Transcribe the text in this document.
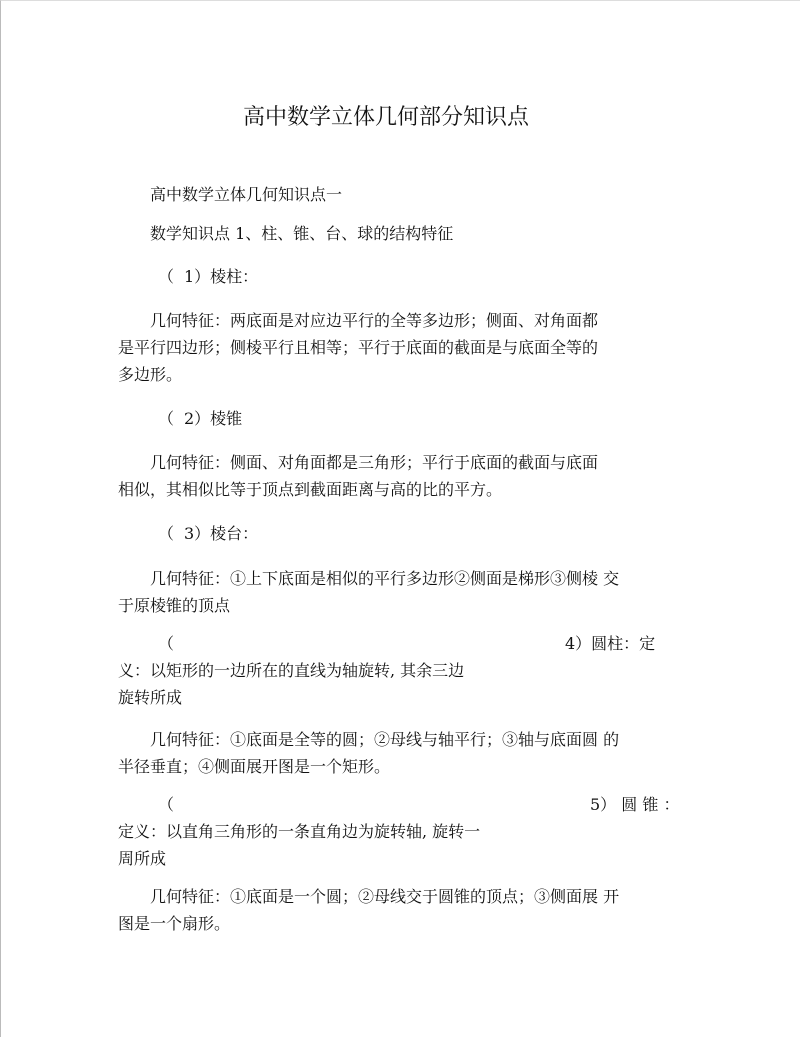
高中数学立体几何部分知识点
高中数学立体几何知识点一
数学知识点 1、柱、锥、台、球的结构特征
（ 1）棱柱：
几何特征：两底面是对应边平行的全等多边形；侧面、对角面都
是平行四边形；侧棱平行且相等；平行于底面的截面是与底面全等的
多边形。
（ 2）棱锥
几何特征：侧面、对角面都是三角形；平行于底面的截面与底面
相似，其相似比等于顶点到截面距离与高的比的平方。
（ 3）棱台：
几何特征：①上下底面是相似的平行多边形②侧面是梯形③侧棱 交
于原棱锥的顶点
（	4）圆柱：定
义：以矩形的一边所在的直线为轴旋转, 其余三边
旋转所成
几何特征：①底面是全等的圆；②母线与轴平行；③轴与底面圆 的
半径垂直；④侧面展开图是一个矩形。
（	5） 圆 锥 ：
定义：以直角三角形的一条直角边为旋转轴, 旋转一
周所成
几何特征：①底面是一个圆；②母线交于圆锥的顶点；③侧面展 开
图是一个扇形。
